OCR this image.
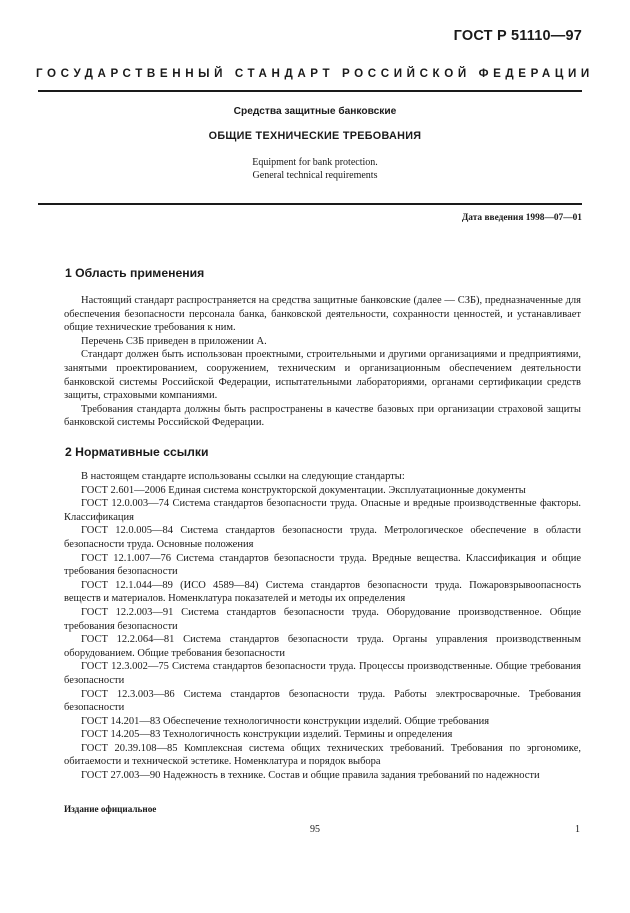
ГОСТ Р 51110—97
ГОСУДАРСТВЕННЫЙ СТАНДАРТ РОССИЙСКОЙ ФЕДЕРАЦИИ
Средства защитные банковские
ОБЩИЕ ТЕХНИЧЕСКИЕ ТРЕБОВАНИЯ
Equipment for bank protection.
General technical requirements
Дата введения 1998—07—01
1 Область применения

Настоящий стандарт распространяется на средства защитные банковские (далее — СЗБ), предназначенные для обеспечения безопасности персонала банка, банковской деятельности, сохранности ценностей, и устанавливает общие технические требования к ним.

Перечень СЗБ приведен в приложении А.

Стандарт должен быть использован проектными, строительными и другими организациями и предприятиями, занятыми проектированием, сооружением, техническим и организационным обеспечением деятельности банковской системы Российской Федерации, испытательными лабораториями, органами сертификации средств защиты, страховыми компаниями.

Требования стандарта должны быть распространены в качестве базовых при организации страховой защиты банковской системы Российской Федерации.

2 Нормативные ссылки

В настоящем стандарте использованы ссылки на следующие стандарты:

ГОСТ 2.601—2006 Единая система конструкторской документации. Эксплуатационные документы

ГОСТ 12.0.003—74 Система стандартов безопасности труда. Опасные и вредные производственные факторы. Классификация

ГОСТ 12.0.005—84 Система стандартов безопасности труда. Метрологическое обеспечение в области безопасности труда. Основные положения

ГОСТ 12.1.007—76 Система стандартов безопасности труда. Вредные вещества. Классификация и общие требования безопасности

ГОСТ 12.1.044—89 (ИСО 4589—84) Система стандартов безопасности труда. Пожаровзрывоопасность веществ и материалов. Номенклатура показателей и методы их определения

ГОСТ 12.2.003—91 Система стандартов безопасности труда. Оборудование производственное. Общие требования безопасности

ГОСТ 12.2.064—81 Система стандартов безопасности труда. Органы управления производственным оборудованием. Общие требования безопасности

ГОСТ 12.3.002—75 Система стандартов безопасности труда. Процессы производственные. Общие требования безопасности

ГОСТ 12.3.003—86 Система стандартов безопасности труда. Работы электросварочные. Требования безопасности

ГОСТ 14.201—83 Обеспечение технологичности конструкции изделий. Общие требования

ГОСТ 14.205—83 Технологичность конструкции изделий. Термины и определения

ГОСТ 20.39.108—85 Комплексная система общих технических требований. Требования по эргономике, обитаемости и технической эстетике. Номенклатура и порядок выбора

ГОСТ 27.003—90 Надежность в технике. Состав и общие правила задания требований по надежности

Издание официальное
95	1
